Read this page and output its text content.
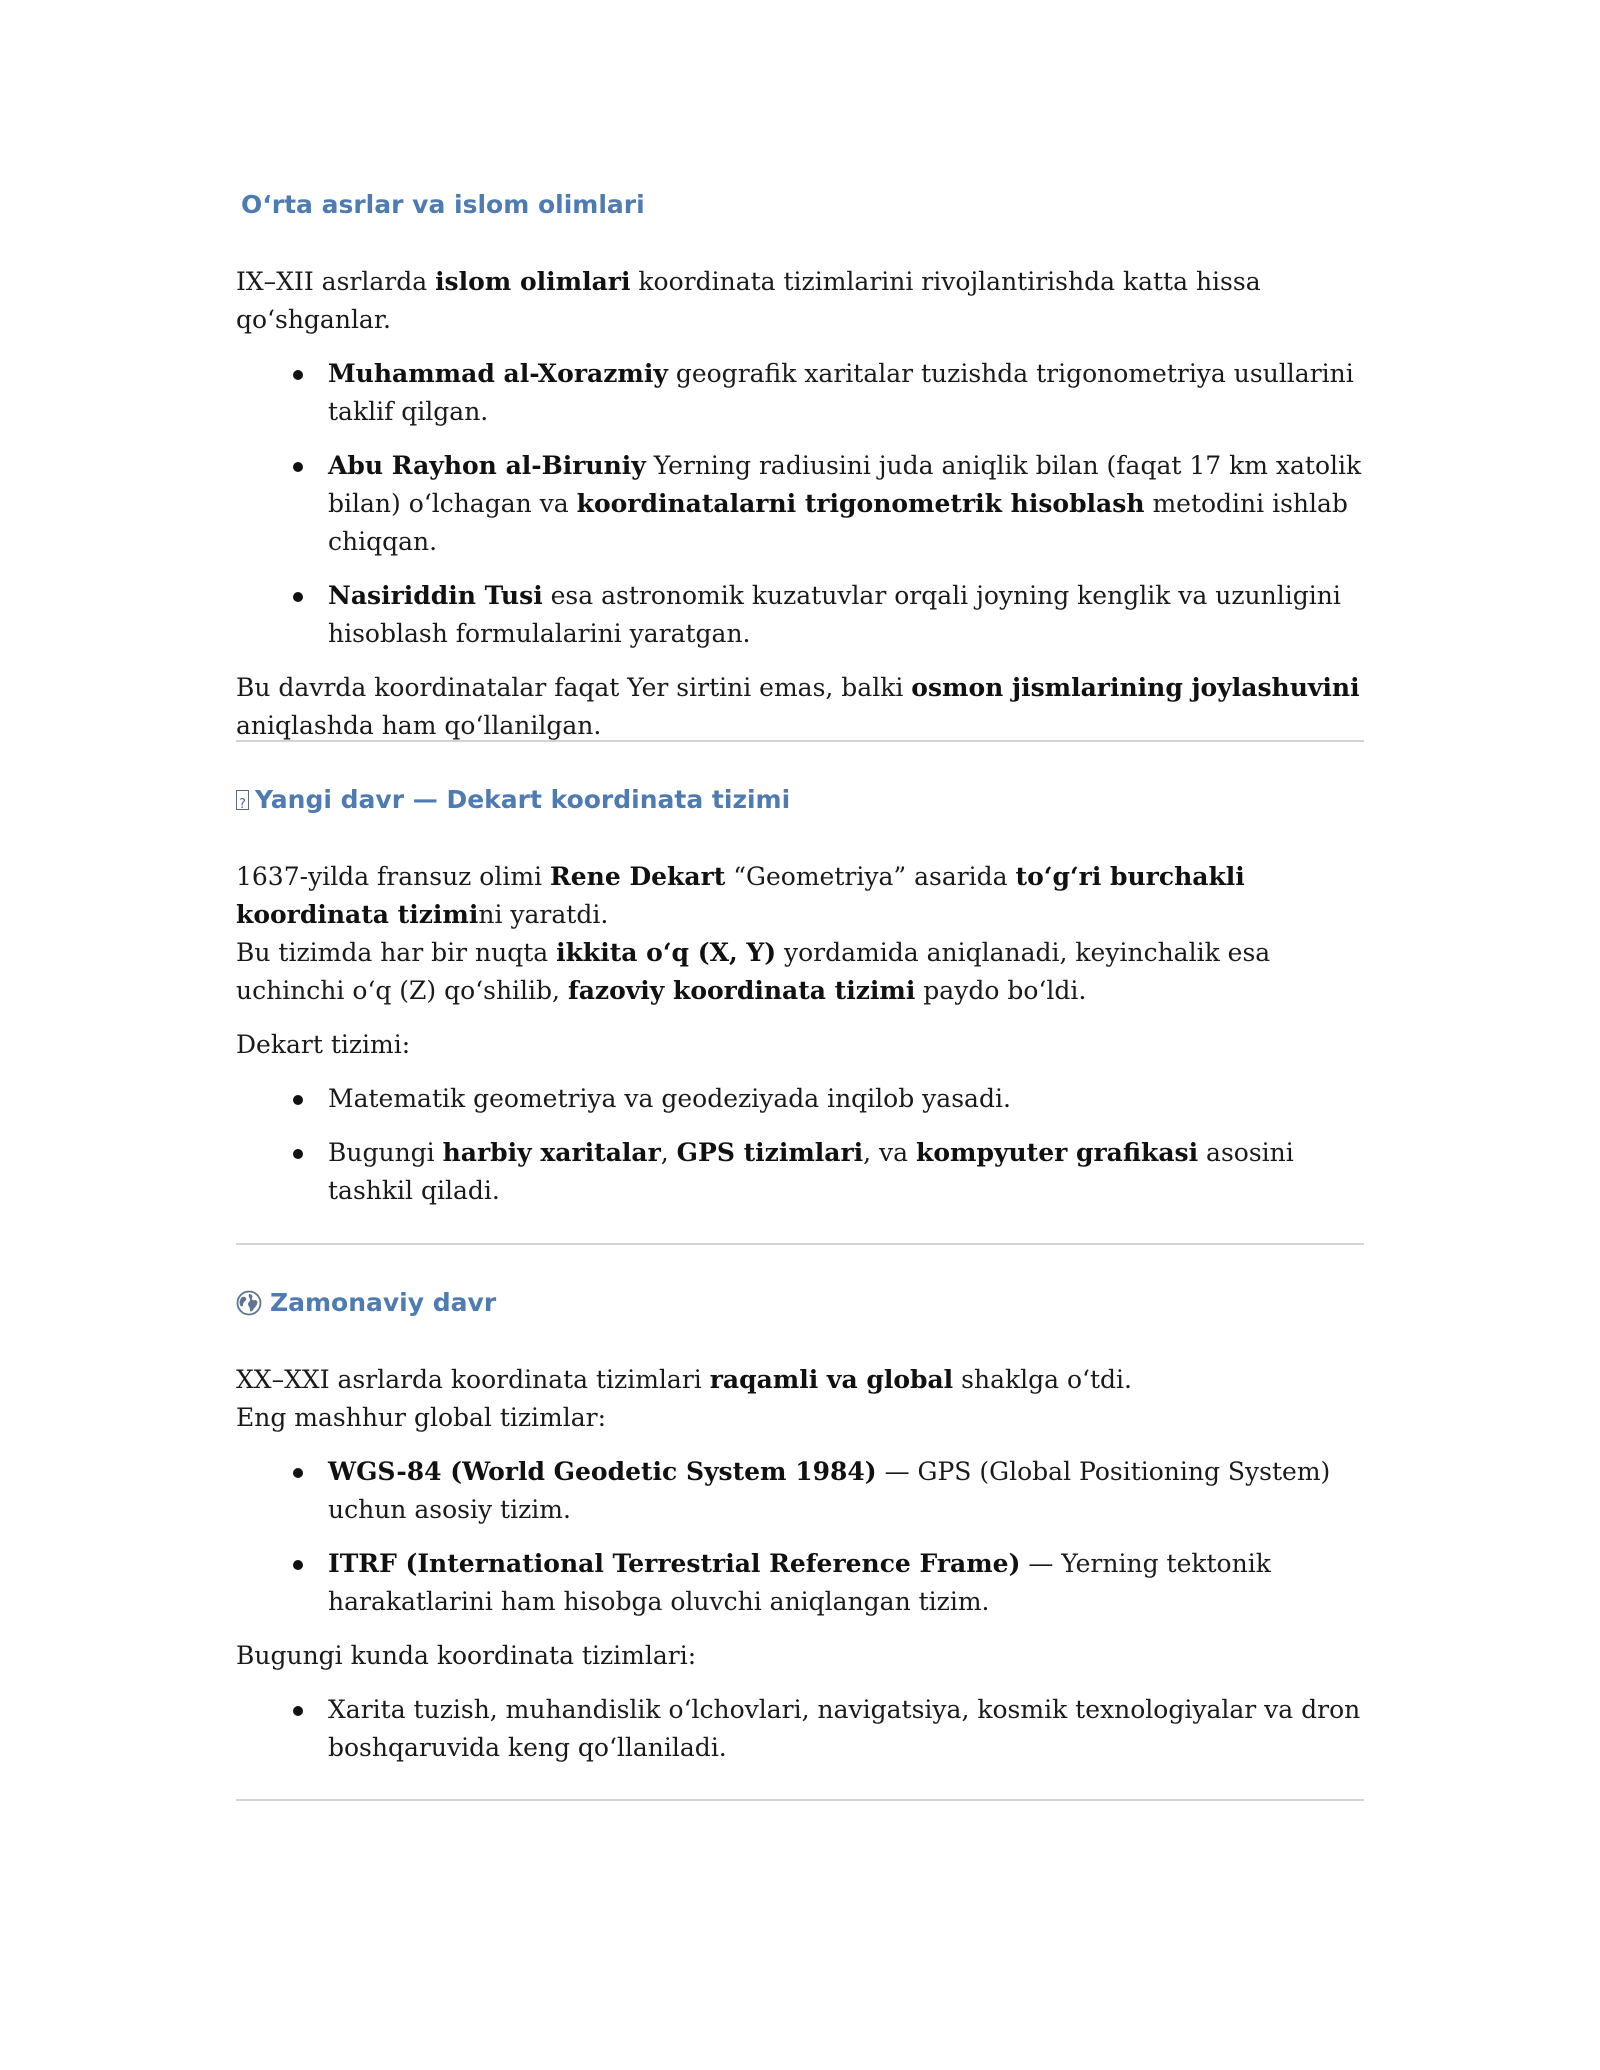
O‘rta asrlar va islom olimlari

IX–XII asrlarda islom olimlari koordinata tizimlarini rivojlantirishda katta hissa qo‘shganlar.

Muhammad al-Xorazmiy geografik xaritalar tuzishda trigonometriya usullarini taklif qilgan.
Abu Rayhon al-Biruniy Yerning radiusini juda aniqlik bilan (faqat 17 km xatolik bilan) o‘lchagan va koordinatalarni trigonometrik hisoblash metodini ishlab chiqqan.
Nasiriddin Tusi esa astronomik kuzatuvlar orqali joyning kenglik va uzunligini hisoblash formulalarini yaratgan.

Bu davrda koordinatalar faqat Yer sirtini emas, balki osmon jismlarining joylashuvini aniqlashda ham qo‘llanilgan.

?
Yangi davr — Dekart koordinata tizimi

1637-yilda fransuz olimi Rene Dekart “Geometriya” asarida to‘g‘ri burchakli koordinata tizimini yaratdi.

Bu tizimda har bir nuqta ikkita o‘q (X, Y) yordamida aniqlanadi, keyinchalik esa uchinchi o‘q (Z) qo‘shilib, fazoviy koordinata tizimi paydo bo‘ldi.

Dekart tizimi:

Matematik geometriya va geodeziyada inqilob yasadi.
Bugungi harbiy xaritalar, GPS tizimlari, va kompyuter grafikasi asosini tashkil qiladi.
Zamonaviy davr

XX–XXI asrlarda koordinata tizimlari raqamli va global shaklga o‘tdi.

Eng mashhur global tizimlar:

WGS-84 (World Geodetic System 1984) — GPS (Global Positioning System) uchun asosiy tizim.
ITRF (International Terrestrial Reference Frame) — Yerning tektonik harakatlarini ham hisobga oluvchi aniqlangan tizim.

Bugungi kunda koordinata tizimlari:

Xarita tuzish, muhandislik o‘lchovlari, navigatsiya, kosmik texnologiyalar va dron boshqaruvida keng qo‘llaniladi.
